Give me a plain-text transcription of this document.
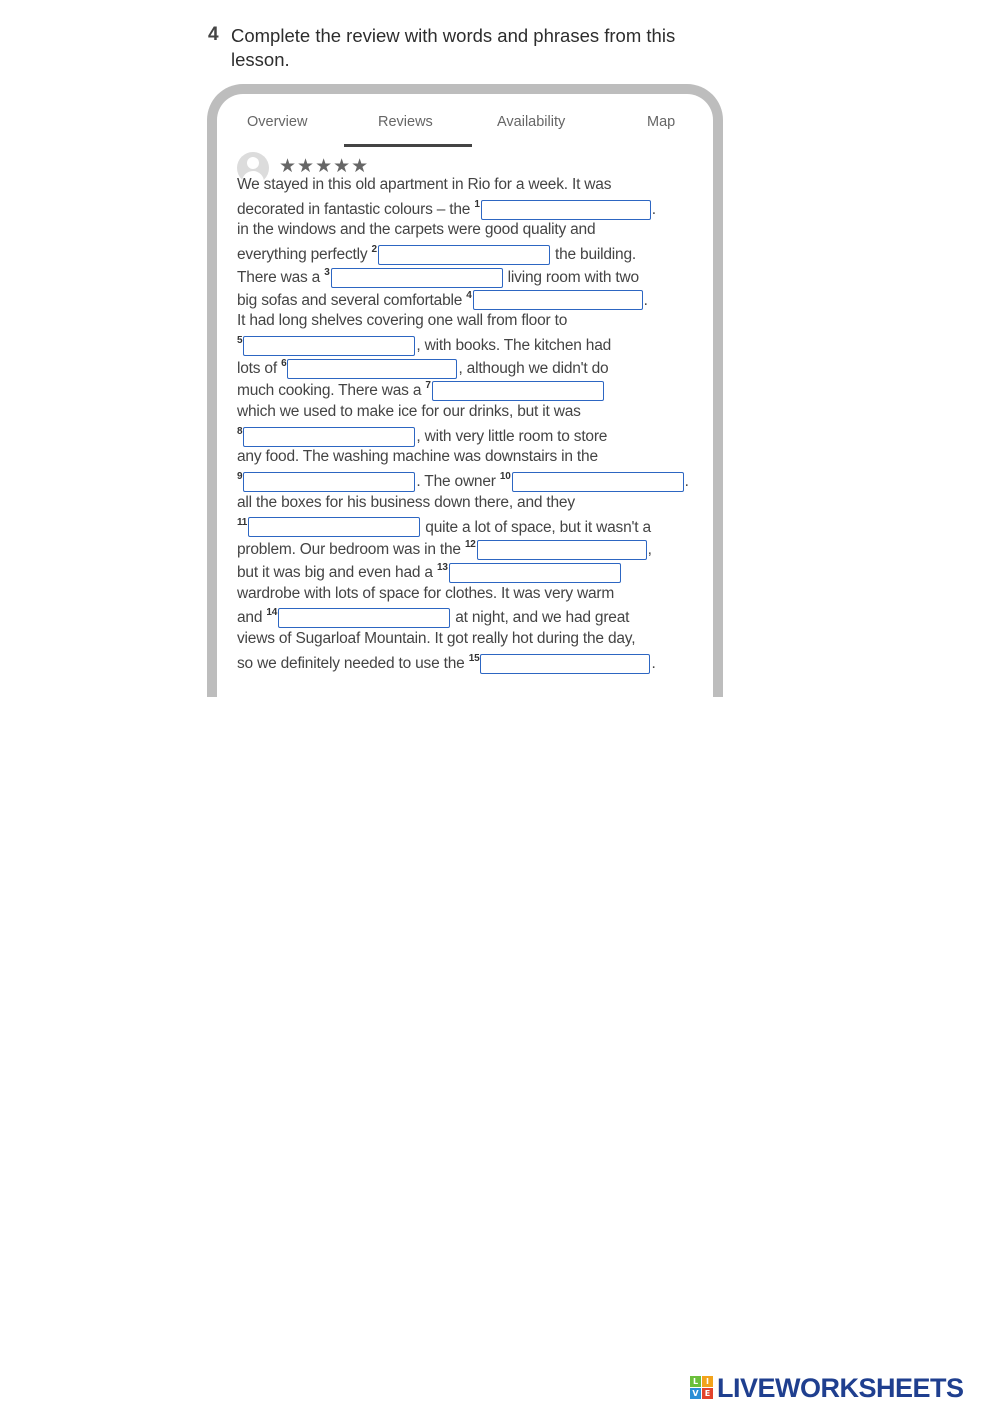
4 Complete the review with words and phrases from this lesson.
Overview	Reviews	Availability	Map
★★★★★
We stayed in this old apartment in Rio for a week. It was
decorated in fantastic colours – the $^1$	.
in the windows and the carpets were good quality and
everything perfectly $^2$	the building.
There was a $^3$	living room with two
big sofas and several comfortable $^4$	.
It had long shelves covering one wall from floor to
$^5$	, with books. The kitchen had
lots of $^6$	, although we didn't do
much cooking. There was a $^7$
which we used to make ice for our drinks, but it was
$^8$	, with very little room to store
any food. The washing machine was downstairs in the
$^9$	. The owner $^{10}$	.
all the boxes for his business down there, and they
$^{11}$	quite a lot of space, but it wasn't a
problem. Our bedroom was in the $^{12}$	,
but it was big and even had a $^{13}$
wardrobe with lots of space for clothes. It was very warm
and $^{14}$	at night, and we had great
views of Sugarloaf Mountain. It got really hot during the day,
so we definitely needed to use the $^{15}$	.
L I
V E LIVEWORKSHEETS
